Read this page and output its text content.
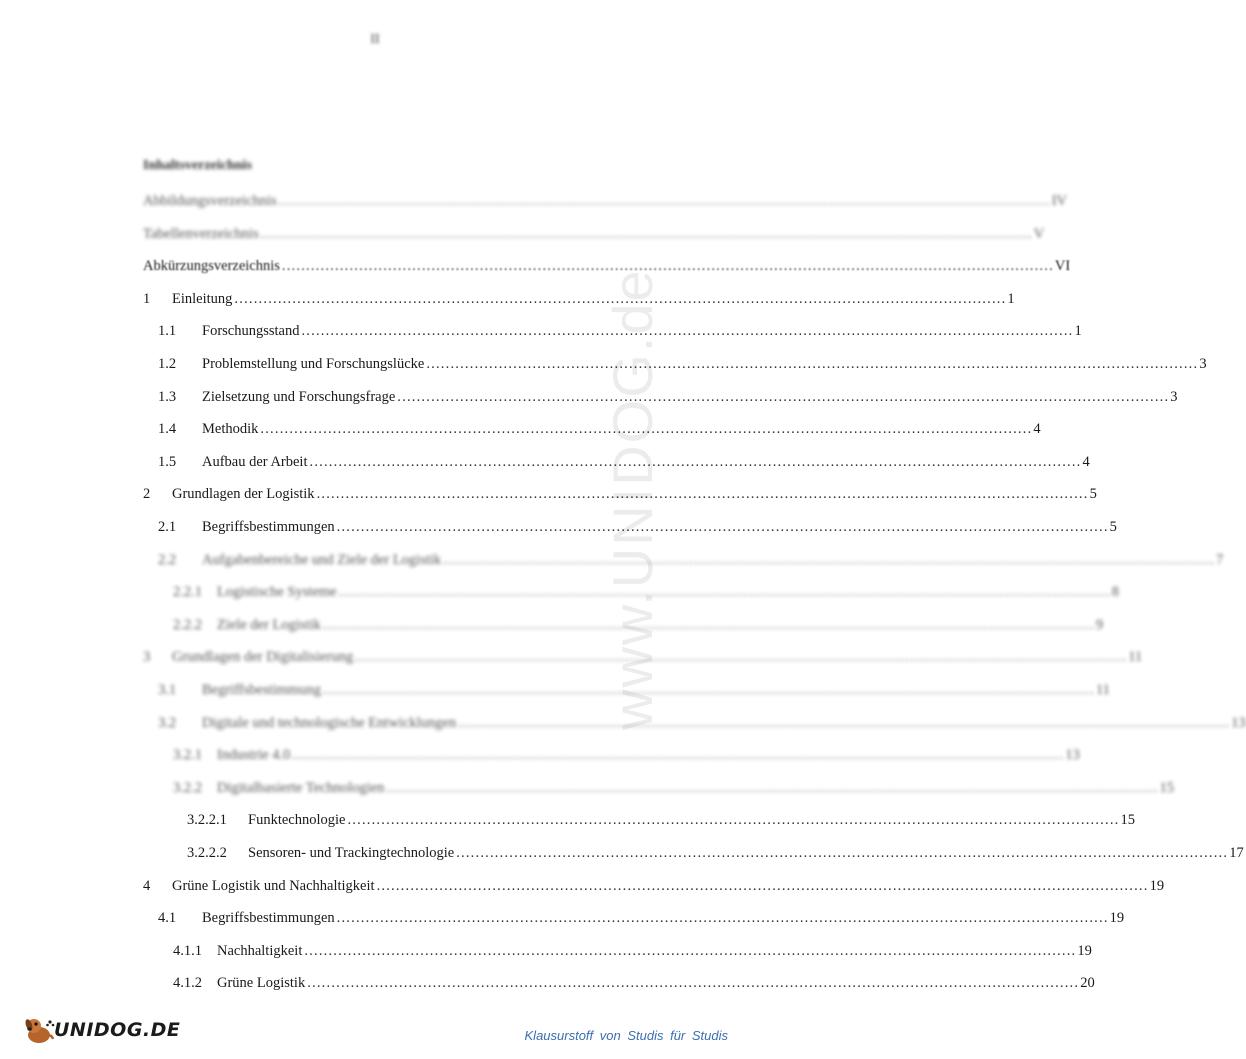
www.UNIDOG.de
II
Inhaltsverzeichnis
Abbildungsverzeichnis ................................................................................................................................................................ IV
Tabellenverzeichnis ................................................................................................................................................................ V
Abkürzungsverzeichnis ................................................................................................................................................................ VI
1 Einleitung ................................................................................................................................................................ 1
1.1 Forschungsstand ................................................................................................................................................................ 1
1.2 Problemstellung und Forschungslücke ................................................................................................................................................................ 3
1.3 Zielsetzung und Forschungsfrage ................................................................................................................................................................ 3
1.4 Methodik ................................................................................................................................................................ 4
1.5 Aufbau der Arbeit ................................................................................................................................................................ 4
2 Grundlagen der Logistik ................................................................................................................................................................ 5
2.1 Begriffsbestimmungen ................................................................................................................................................................ 5
2.2 Aufgabenbereiche und Ziele der Logistik ................................................................................................................................................................ 7
2.2.1 Logistische Systeme ................................................................................................................................................................ 8
2.2.2 Ziele der Logistik ................................................................................................................................................................ 9
3 Grundlagen der Digitalisierung ................................................................................................................................................................ 11
3.1 Begriffsbestimmung ................................................................................................................................................................ 11
3.2 Digitale und technologische Entwicklungen ................................................................................................................................................................ 13
3.2.1 Industrie 4.0 ................................................................................................................................................................ 13
3.2.2 Digitalbasierte Technologien ................................................................................................................................................................ 15
3.2.2.1 Funktechnologie ................................................................................................................................................................ 15
3.2.2.2 Sensoren- und Trackingtechnologie ................................................................................................................................................................ 17
4 Grüne Logistik und Nachhaltigkeit ................................................................................................................................................................ 19
4.1 Begriffsbestimmungen ................................................................................................................................................................ 19
4.1.1 Nachhaltigkeit ................................................................................................................................................................ 19
4.1.2 Grüne Logistik ................................................................................................................................................................ 20
UNIDOG.DE	Klausurstoff von Studis für Studis
